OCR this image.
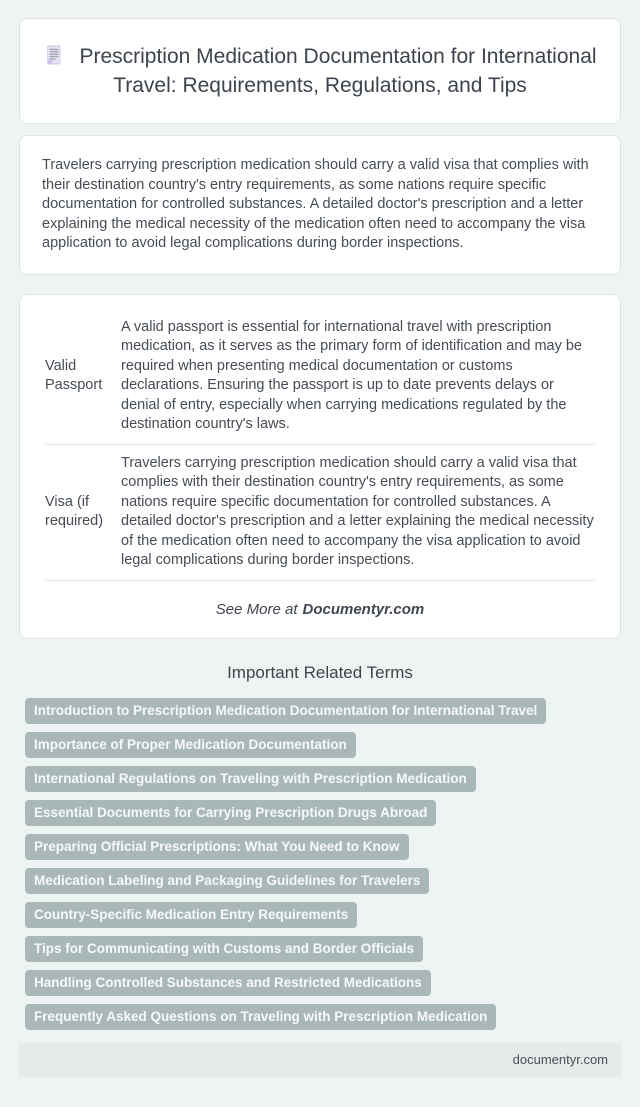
Prescription Medication Documentation for International Travel: Requirements, Regulations, and Tips

Travelers carrying prescription medication should carry a valid visa that complies with their destination country's entry requirements, as some nations require specific documentation for controlled substances. A detailed doctor's prescription and a letter explaining the medical necessity of the medication often need to accompany the visa application to avoid legal complications during border inspections.

Valid Passport	A valid passport is essential for international travel with prescription medication, as it serves as the primary form of identification and may be required when presenting medical documentation or customs declarations. Ensuring the passport is up to date prevents delays or denial of entry, especially when carrying medications regulated by the destination country's laws.
Visa (if required)	Travelers carrying prescription medication should carry a valid visa that complies with their destination country's entry requirements, as some nations require specific documentation for controlled substances. A detailed doctor's prescription and a letter explaining the medical necessity of the medication often need to accompany the visa application to avoid legal complications during border inspections.

See More at Documentyr.com

Important Related Terms
Introduction to Prescription Medication Documentation for International Travel
Importance of Proper Medication Documentation
International Regulations on Traveling with Prescription Medication
Essential Documents for Carrying Prescription Drugs Abroad
Preparing Official Prescriptions: What You Need to Know
Medication Labeling and Packaging Guidelines for Travelers
Country-Specific Medication Entry Requirements
Tips for Communicating with Customs and Border Officials
Handling Controlled Substances and Restricted Medications
Frequently Asked Questions on Traveling with Prescription Medication
documentyr.com
